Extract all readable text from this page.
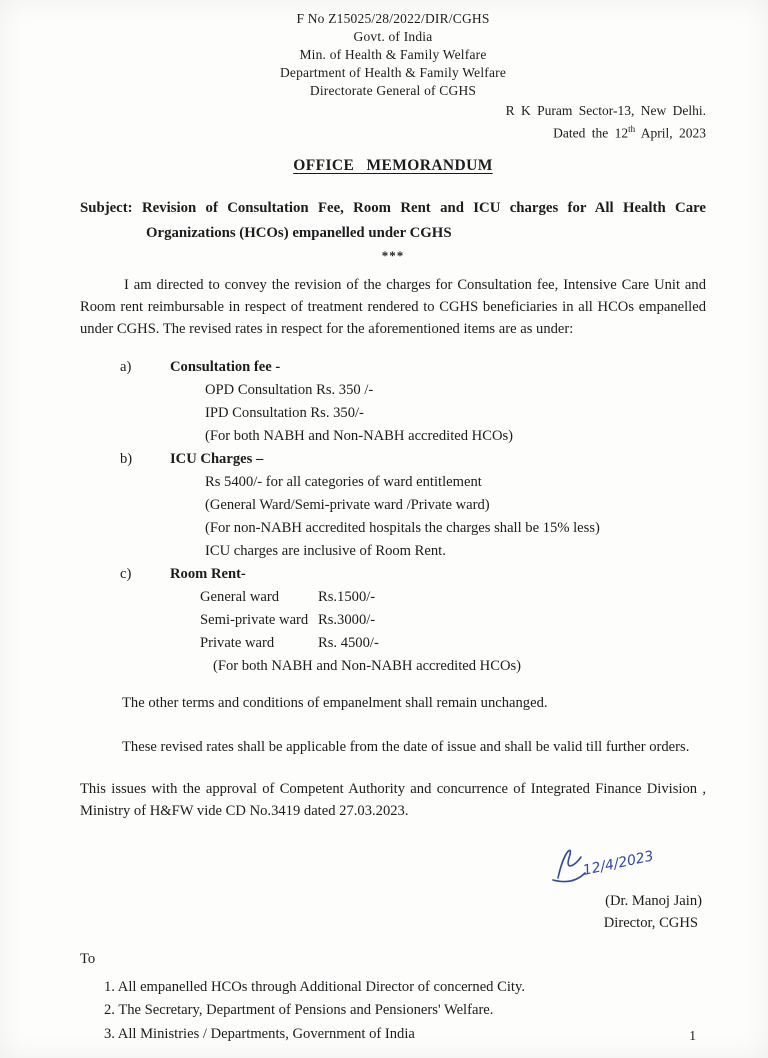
F No Z15025/28/2022/DIR/CGHS
Govt. of India
Min. of Health & Family Welfare
Department of Health & Family Welfare
Directorate General of CGHS
R K Puram Sector-13, New Delhi.
Dated the 12th April, 2023
OFFICE MEMORANDUM

Subject: Revision of Consultation Fee, Room Rent and ICU charges for All Health Care Organizations (HCOs) empanelled under CGHS

***

I am directed to convey the revision of the charges for Consultation fee, Intensive Care Unit and Room rent reimbursable in respect of treatment rendered to CGHS beneficiaries in all HCOs empanelled under CGHS. The revised rates in respect for the aforementioned items are as under:

a)	Consultation fee -
OPD Consultation Rs. 350 /-
IPD Consultation Rs. 350/-
(For both NABH and Non-NABH accredited HCOs)
b)	ICU Charges –
Rs 5400/- for all categories of ward entitlement
(General Ward/Semi-private ward /Private ward)
(For non-NABH accredited hospitals the charges shall be 15% less)
ICU charges are inclusive of Room Rent.
c)	Room Rent-
General ward	Rs.1500/-
Semi-private ward Rs.3000/-
Private ward	Rs. 4500/-
(For both NABH and Non-NABH accredited HCOs)

The other terms and conditions of empanelment shall remain unchanged.

These revised rates shall be applicable from the date of issue and shall be valid till further orders.

This issues with the approval of Competent Authority and concurrence of Integrated Finance Division , Ministry of H&FW vide CD No.3419 dated 27.03.2023.

12/4/2023
(Dr. Manoj Jain)
Director, CGHS
To
1. All empanelled HCOs through Additional Director of concerned City.
2. The Secretary, Department of Pensions and Pensioners' Welfare.
3. All Ministries / Departments, Government of India	1
